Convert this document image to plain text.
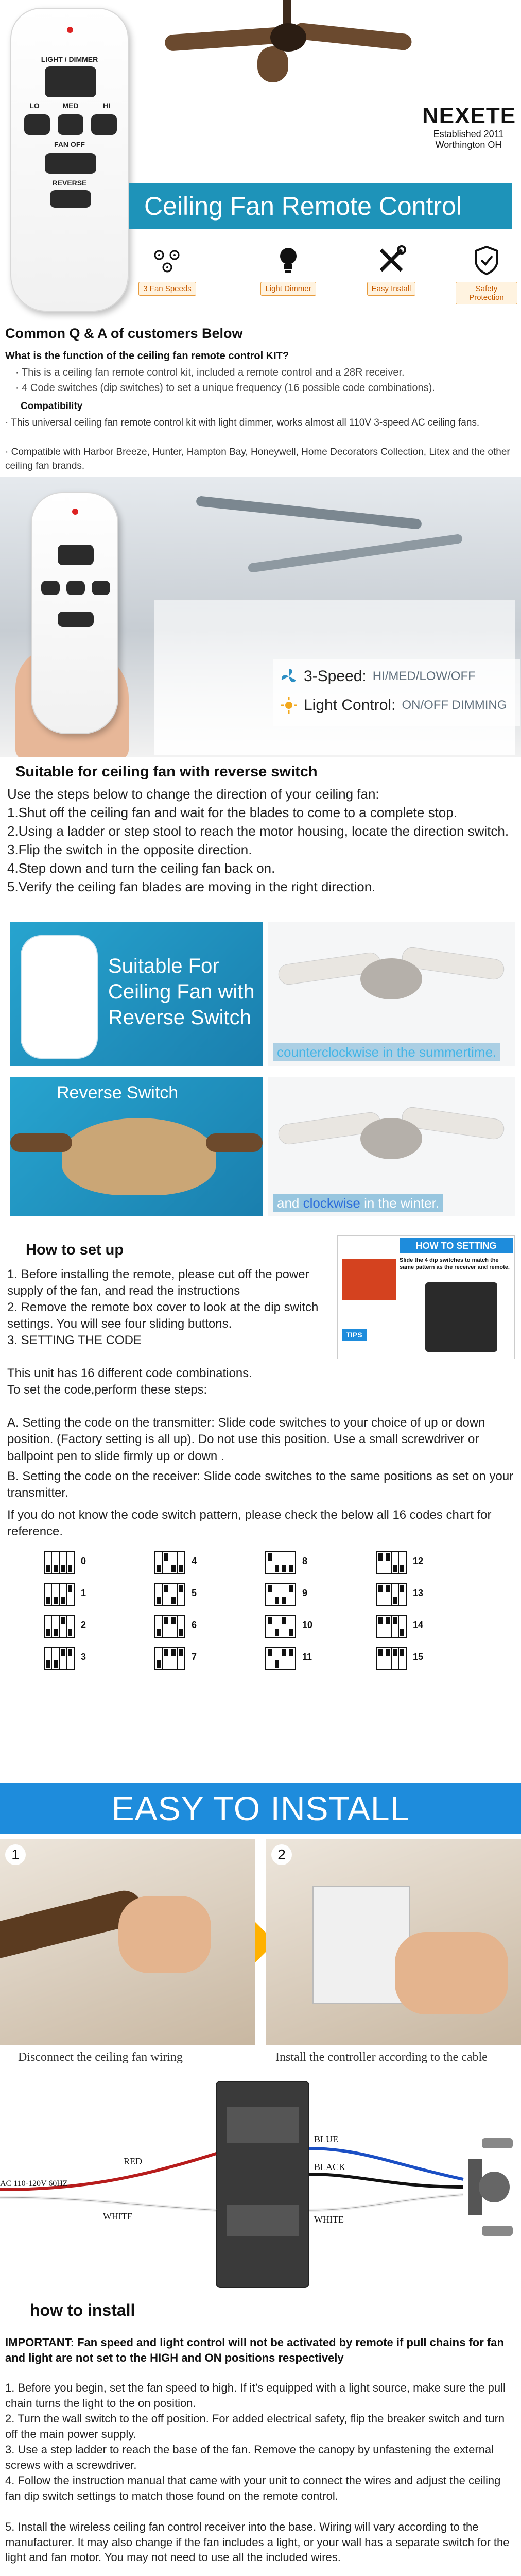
LIGHT / DIMMER
LO	MED	HI
FAN OFF
REVERSE
NEXETE
Established 2011
Worthington OH
Ceiling Fan Remote Control
3 Fan Speeds	Light Dimmer	Easy Install	Safety Protection
Common Q & A of customers Below
What is the function of the ceiling fan remote control KIT?
· This is a ceiling fan remote control kit, included a remote control and a 28R receiver.
· 4 Code switches (dip switches) to set a unique frequency (16 possible code combinations).
Compatibility
· This universal ceiling fan remote control kit with light dimmer, works almost all 110V 3-speed AC ceiling fans.
· Compatible with Harbor Breeze, Hunter, Hampton Bay, Honeywell, Home Decorators Collection, Litex and the other ceiling fan brands.
3-Speed: HI/MED/LOW/OFF
Light Control: ON/OFF DIMMING
Suitable for ceiling fan with reverse switch
Use the steps below to change the direction of your ceiling fan:
1.Shut off the ceiling fan and wait for the blades to come to a complete stop.
2.Using a ladder or step stool to reach the motor housing, locate the direction switch.
3.Flip the switch in the opposite direction.
4.Step down and turn the ceiling fan back on.
5.Verify the ceiling fan blades are moving in the right direction.
Suitable For
Ceiling Fan with
Reverse Switch
counterclockwise in the summertime.
Reverse Switch
and clockwise in the winter.
How to set up
1. Before installing the remote, please cut off the power supply of the fan, and read the instructions
2. Remove the remote box cover to look at the dip switch settings. You will see four sliding buttons.
3. SETTING THE CODE
This unit has 16 different code combinations.
To set the code,perform these steps:
A. Setting the code on the transmitter: Slide code switches to your choice of up or down position. (Factory setting is all up). Do not use this position. Use a small screwdriver or ballpoint pen to slide firmly up or down .
B. Setting the code on the receiver: Slide code switches to the same positions as set on your transmitter.
If you do not know the code switch pattern, please check the below all 16 codes chart for reference.
HOW TO SETTING
Slide the 4 dip switches to match the same pattern as the receiver and remote.
TIPS
0
1
2
3
4
5
6
7
8
9
10
11
12
13
14
15
EASY TO INSTALL
1	2
Disconnect the ceiling fan wiring	Install the controller according to the cable
RED
WHITE
AC 110-120V 60HZ
BLUE
BLACK
WHITE
how to install
IMPORTANT: Fan speed and light control will not be activated by remote if pull chains for fan and light are not set to the HIGH and ON positions respectively
1. Before you begin, set the fan speed to high. If it’s equipped with a light source, make sure the pull chain turns the light to the on position.
2. Turn the wall switch to the off position. For added electrical safety, flip the breaker switch and turn off the main power supply.
3. Use a step ladder to reach the base of the fan. Remove the canopy by unfastening the external screws with a screwdriver.
4. Follow the instruction manual that came with your unit to connect the wires and adjust the ceiling fan dip switch settings to match those found on the remote control.
5. Install the wireless ceiling fan control receiver into the base. Wiring will vary according to the manufacturer. It may also change if the fan includes a light, or your wall has a separate switch for the light and fan motor. You may not need to use all the included wires.
